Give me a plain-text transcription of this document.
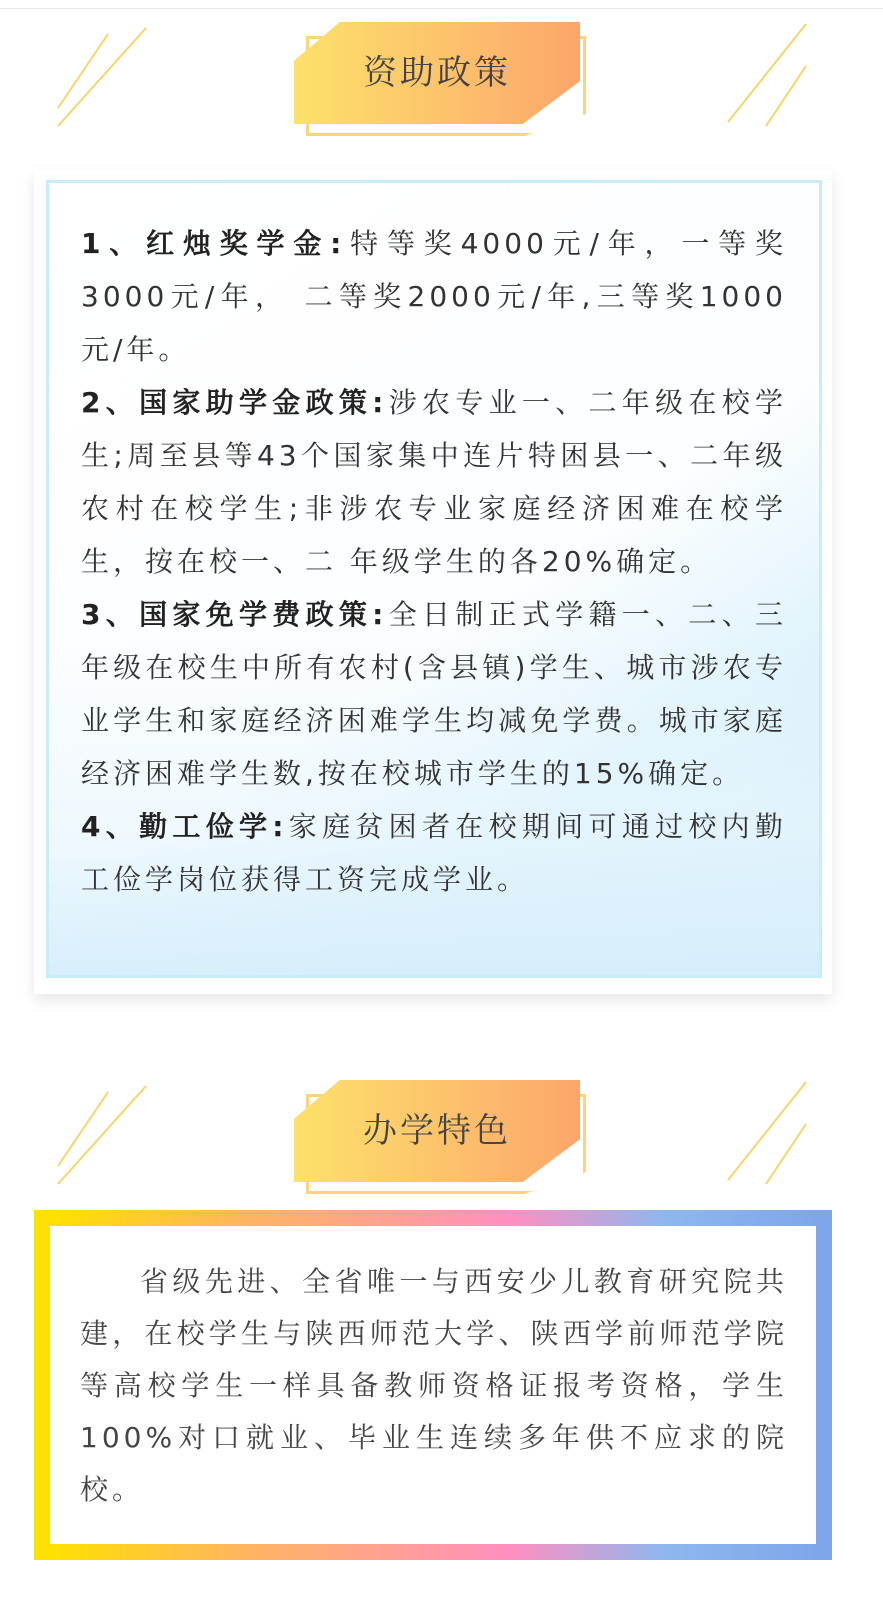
资助政策

1、红烛奖学金:特等奖4000元/年，一等奖3000元/年， 二等奖2000元/年,三等奖1000元/年。

2、国家助学金政策:涉农专业一、二年级在校学生;周至县等43个国家集中连片特困县一、二年级农村在校学生;非涉农专业家庭经济困难在校学生，按在校一、二 年级学生的各20%确定。

3、国家免学费政策:全日制正式学籍一、二、三年级在校生中所有农村(含县镇)学生、城市涉农专业学生和家庭经济困难学生均减免学费。城市家庭经济困难学生数,按在校城市学生的15%确定。

4、勤工俭学:家庭贫困者在校期间可通过校内勤工俭学岗位获得工资完成学业。

办学特色

省级先进、全省唯一与西安少儿教育研究院共建，在校学生与陕西师范大学、陕西学前师范学院等高校学生一样具备教师资格证报考资格，学生100%对口就业、毕业生连续多年供不应求的院校。
